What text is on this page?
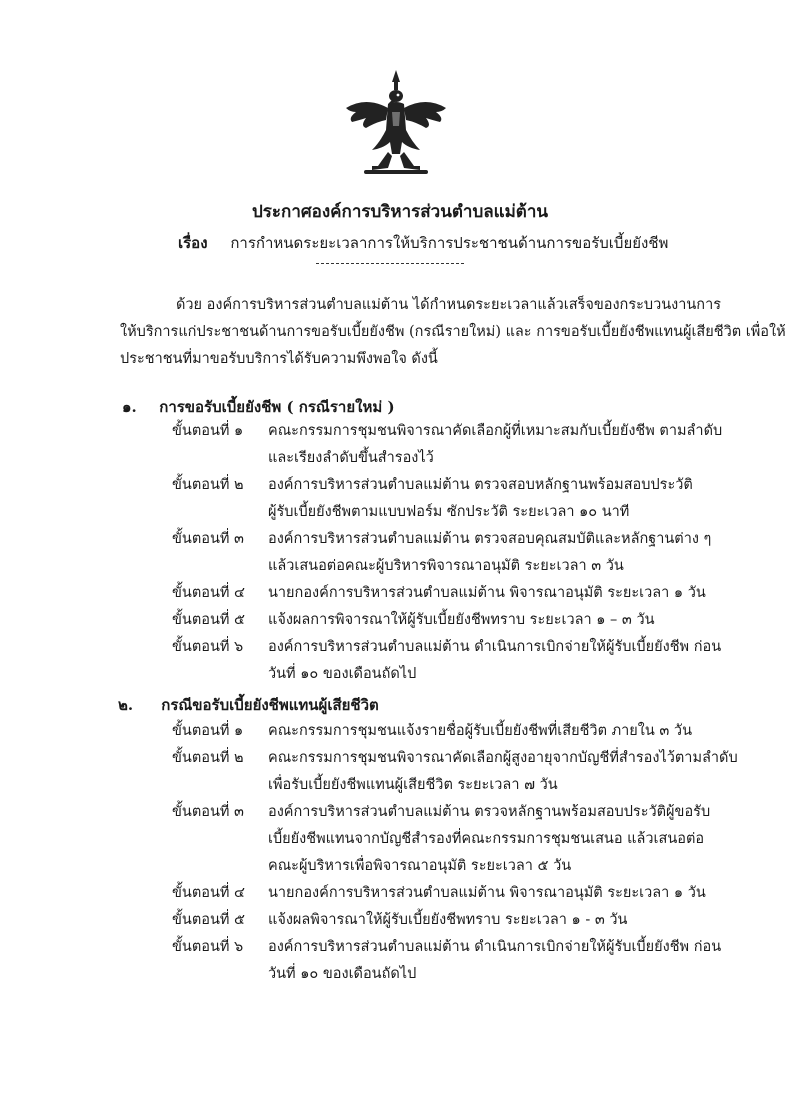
ประกาศองค์การบริหารส่วนตำบลแม่ต้าน
เรื่อง การกำหนดระยะเวลาการให้บริการประชาชนด้านการขอรับเบี้ยยังชีพ
ด้วย องค์การบริหารส่วนตำบลแม่ต้าน ได้กำหนดระยะเวลาแล้วเสร็จของกระบวนงานการ
ให้บริการแก่ประชาชนด้านการขอรับเบี้ยยังชีพ (กรณีรายใหม่) และ การขอรับเบี้ยยังชีพแทนผู้เสียชีวิต เพื่อให้
ประชาชนที่มาขอรับบริการได้รับความพึงพอใจ ดังนี้
๑. การขอรับเบี้ยยังชีพ ( กรณีรายใหม่ )
ขั้นตอนที่ ๑ คณะกรรมการชุมชนพิจารณาคัดเลือกผู้ที่เหมาะสมกับเบี้ยยังชีพ ตามลำดับ
และเรียงลำดับขึ้นสำรองไว้
ขั้นตอนที่ ๒ องค์การบริหารส่วนตำบลแม่ต้าน ตรวจสอบหลักฐานพร้อมสอบประวัติ
ผู้รับเบี้ยยังชีพตามแบบฟอร์ม ซักประวัติ ระยะเวลา ๑๐ นาที
ขั้นตอนที่ ๓ องค์การบริหารส่วนตำบลแม่ต้าน ตรวจสอบคุณสมบัติและหลักฐานต่าง ๆ
แล้วเสนอต่อคณะผู้บริหารพิจารณาอนุมัติ ระยะเวลา ๓ วัน
ขั้นตอนที่ ๔ นายกองค์การบริหารส่วนตำบลแม่ต้าน พิจารณาอนุมัติ ระยะเวลา ๑ วัน
ขั้นตอนที่ ๕ แจ้งผลการพิจารณาให้ผู้รับเบี้ยยังชีพทราบ ระยะเวลา ๑ – ๓ วัน
ขั้นตอนที่ ๖ องค์การบริหารส่วนตำบลแม่ต้าน ดำเนินการเบิกจ่ายให้ผู้รับเบี้ยยังชีพ ก่อน
วันที่ ๑๐ ของเดือนถัดไป
๒. กรณีขอรับเบี้ยยังชีพแทนผู้เสียชีวิต
ขั้นตอนที่ ๑ คณะกรรมการชุมชนแจ้งรายชื่อผู้รับเบี้ยยังชีพที่เสียชีวิต ภายใน ๓ วัน
ขั้นตอนที่ ๒ คณะกรรมการชุมชนพิจารณาคัดเลือกผู้สูงอายุจากบัญชีที่สำรองไว้ตามลำดับ
เพื่อรับเบี้ยยังชีพแทนผู้เสียชีวิต ระยะเวลา ๗ วัน
ขั้นตอนที่ ๓ องค์การบริหารส่วนตำบลแม่ต้าน ตรวจหลักฐานพร้อมสอบประวัติผู้ขอรับ
เบี้ยยังชีพแทนจากบัญชีสำรองที่คณะกรรมการชุมชนเสนอ แล้วเสนอต่อ
คณะผู้บริหารเพื่อพิจารณาอนุมัติ ระยะเวลา ๕ วัน
ขั้นตอนที่ ๔ นายกองค์การบริหารส่วนตำบลแม่ต้าน พิจารณาอนุมัติ ระยะเวลา ๑ วัน
ขั้นตอนที่ ๕ แจ้งผลพิจารณาให้ผู้รับเบี้ยยังชีพทราบ ระยะเวลา ๑ - ๓ วัน
ขั้นตอนที่ ๖ องค์การบริหารส่วนตำบลแม่ต้าน ดำเนินการเบิกจ่ายให้ผู้รับเบี้ยยังชีพ ก่อน
วันที่ ๑๐ ของเดือนถัดไป
